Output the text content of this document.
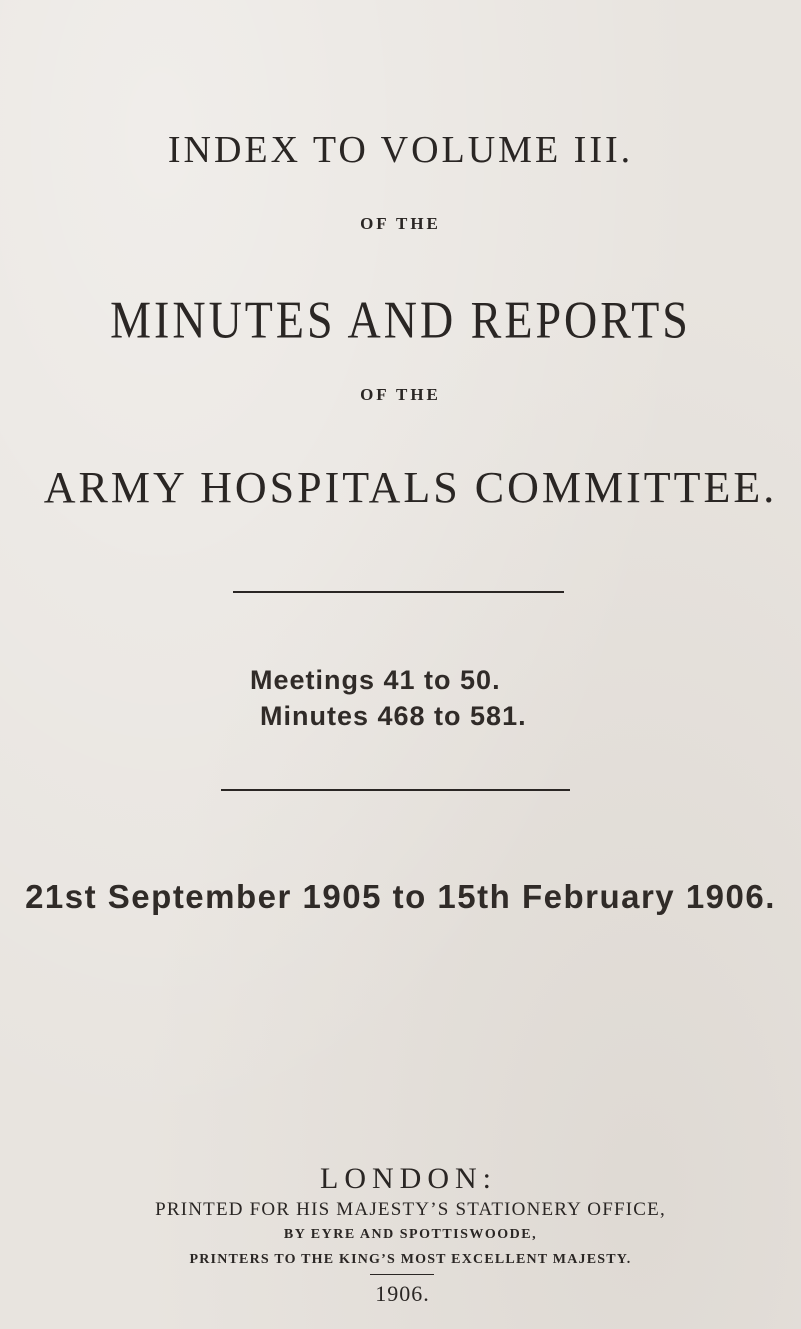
INDEX TO VOLUME III.
OF THE
MINUTES AND REPORTS
OF THE
ARMY HOSPITALS COMMITTEE.
Meetings 41 to 50.
Minutes 468 to 581.
21st September 1905 to 15th February 1906.
LONDON:
PRINTED FOR HIS MAJESTY’S STATIONERY OFFICE,
BY EYRE AND SPOTTISWOODE,
PRINTERS TO THE KING’S MOST EXCELLENT MAJESTY.
1906.
